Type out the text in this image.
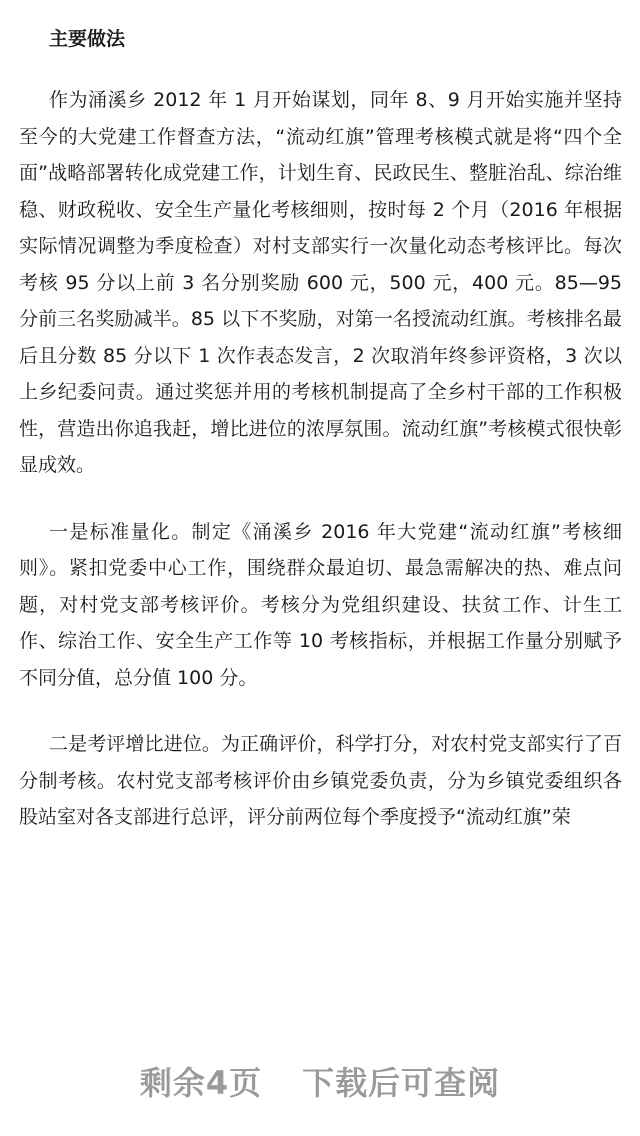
主要做法

作为涌溪乡 2012 年 1 月开始谋划，同年 8、9 月开始实施并坚持至今的大党建工作督查方法，“流动红旗”管理考核模式就是将“四个全面”战略部署转化成党建工作，计划生育、民政民生、整脏治乱、综治维稳、财政税收、安全生产量化考核细则，按时每 2 个月（2016 年根据实际情况调整为季度检查）对村支部实行一次量化动态考核评比。每次考核 95 分以上前 3 名分别奖励 600 元，500 元，400 元。85—95 分前三名奖励减半。85 以下不奖励，对第一名授流动红旗。考核排名最后且分数 85 分以下 1 次作表态发言，2 次取消年终参评资格，3 次以上乡纪委问责。通过奖惩并用的考核机制提高了全乡村干部的工作积极性，营造出你追我赶，增比进位的浓厚氛围。流动红旗”考核模式很快彰显成效。

一是标准量化。制定《涌溪乡 2016 年大党建“流动红旗”考核细则》。紧扣党委中心工作，围绕群众最迫切、最急需解决的热、难点问题，对村党支部考核评价。考核分为党组织建设、扶贫工作、计生工作、综治工作、安全生产工作等 10 考核指标，并根据工作量分别赋予不同分值，总分值 100 分。

二是考评增比进位。为正确评价，科学打分，对农村党支部实行了百分制考核。农村党支部考核评价由乡镇党委负责，分为乡镇党委组织各股站室对各支部进行总评，评分前两位每个季度授予“流动红旗”荣

剩余4页 下载后可查阅
